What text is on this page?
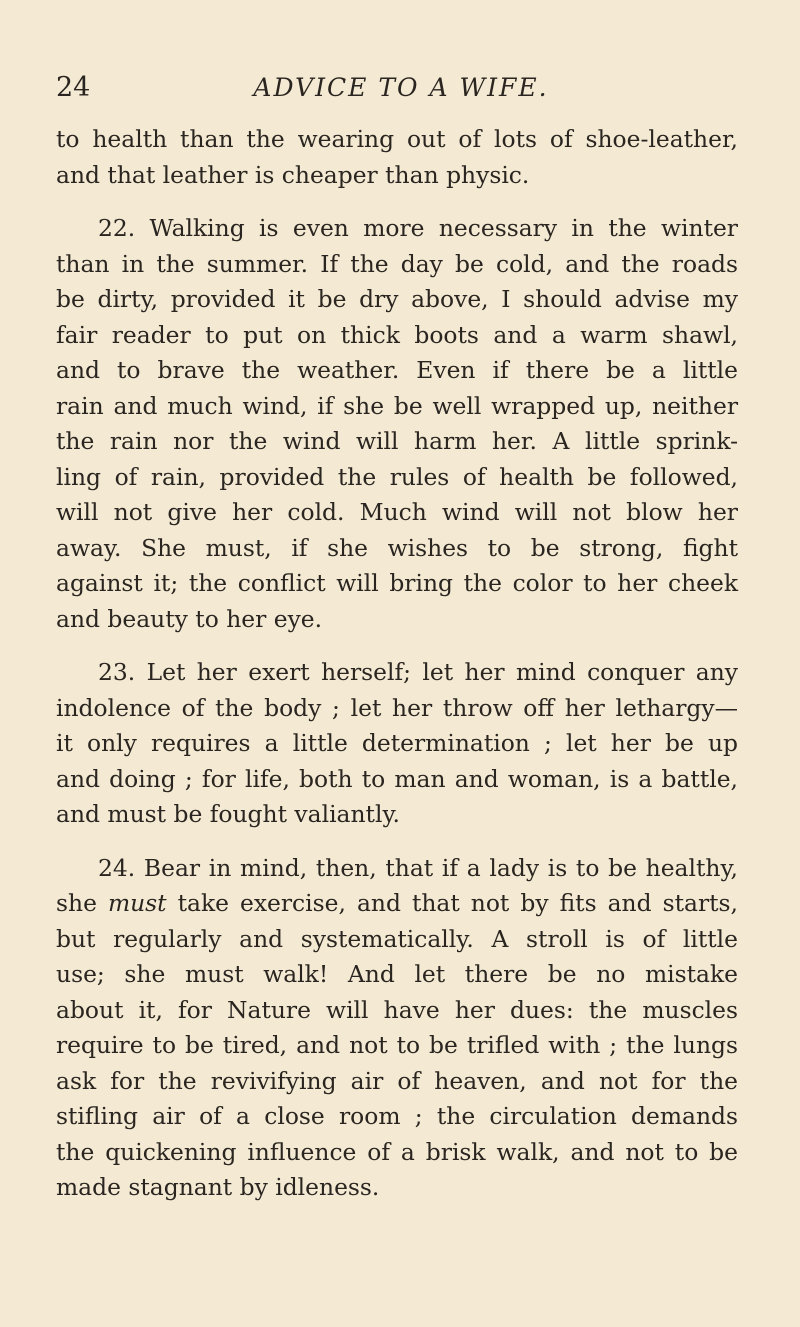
24	ADVICE TO A WIFE.
to health than the wearing out of lots of shoe-leather,
and that leather is cheaper than physic.
22. Walking is even more necessary in the winter
than in the summer. If the day be cold, and the roads
be dirty, provided it be dry above, I should advise my
fair reader to put on thick boots and a warm shawl,
and to brave the weather. Even if there be a little
rain and much wind, if she be well wrapped up, neither
the rain nor the wind will harm her. A little sprink-
ling of rain, provided the rules of health be followed,
will not give her cold. Much wind will not blow her
away. She must, if she wishes to be strong, fight
against it; the conflict will bring the color to her cheek
and beauty to her eye.
23. Let her exert herself; let her mind conquer any
indolence of the body ; let her throw off her lethargy—
it only requires a little determination ; let her be up
and doing ; for life, both to man and woman, is a battle,
and must be fought valiantly.
24. Bear in mind, then, that if a lady is to be healthy,
she must take exercise, and that not by fits and starts,
but regularly and systematically. A stroll is of little
use; she must walk! And let there be no mistake
about it, for Nature will have her dues: the muscles
require to be tired, and not to be trifled with ; the lungs
ask for the revivifying air of heaven, and not for the
stifling air of a close room ; the circulation demands
the quickening influence of a brisk walk, and not to be
made stagnant by idleness.
